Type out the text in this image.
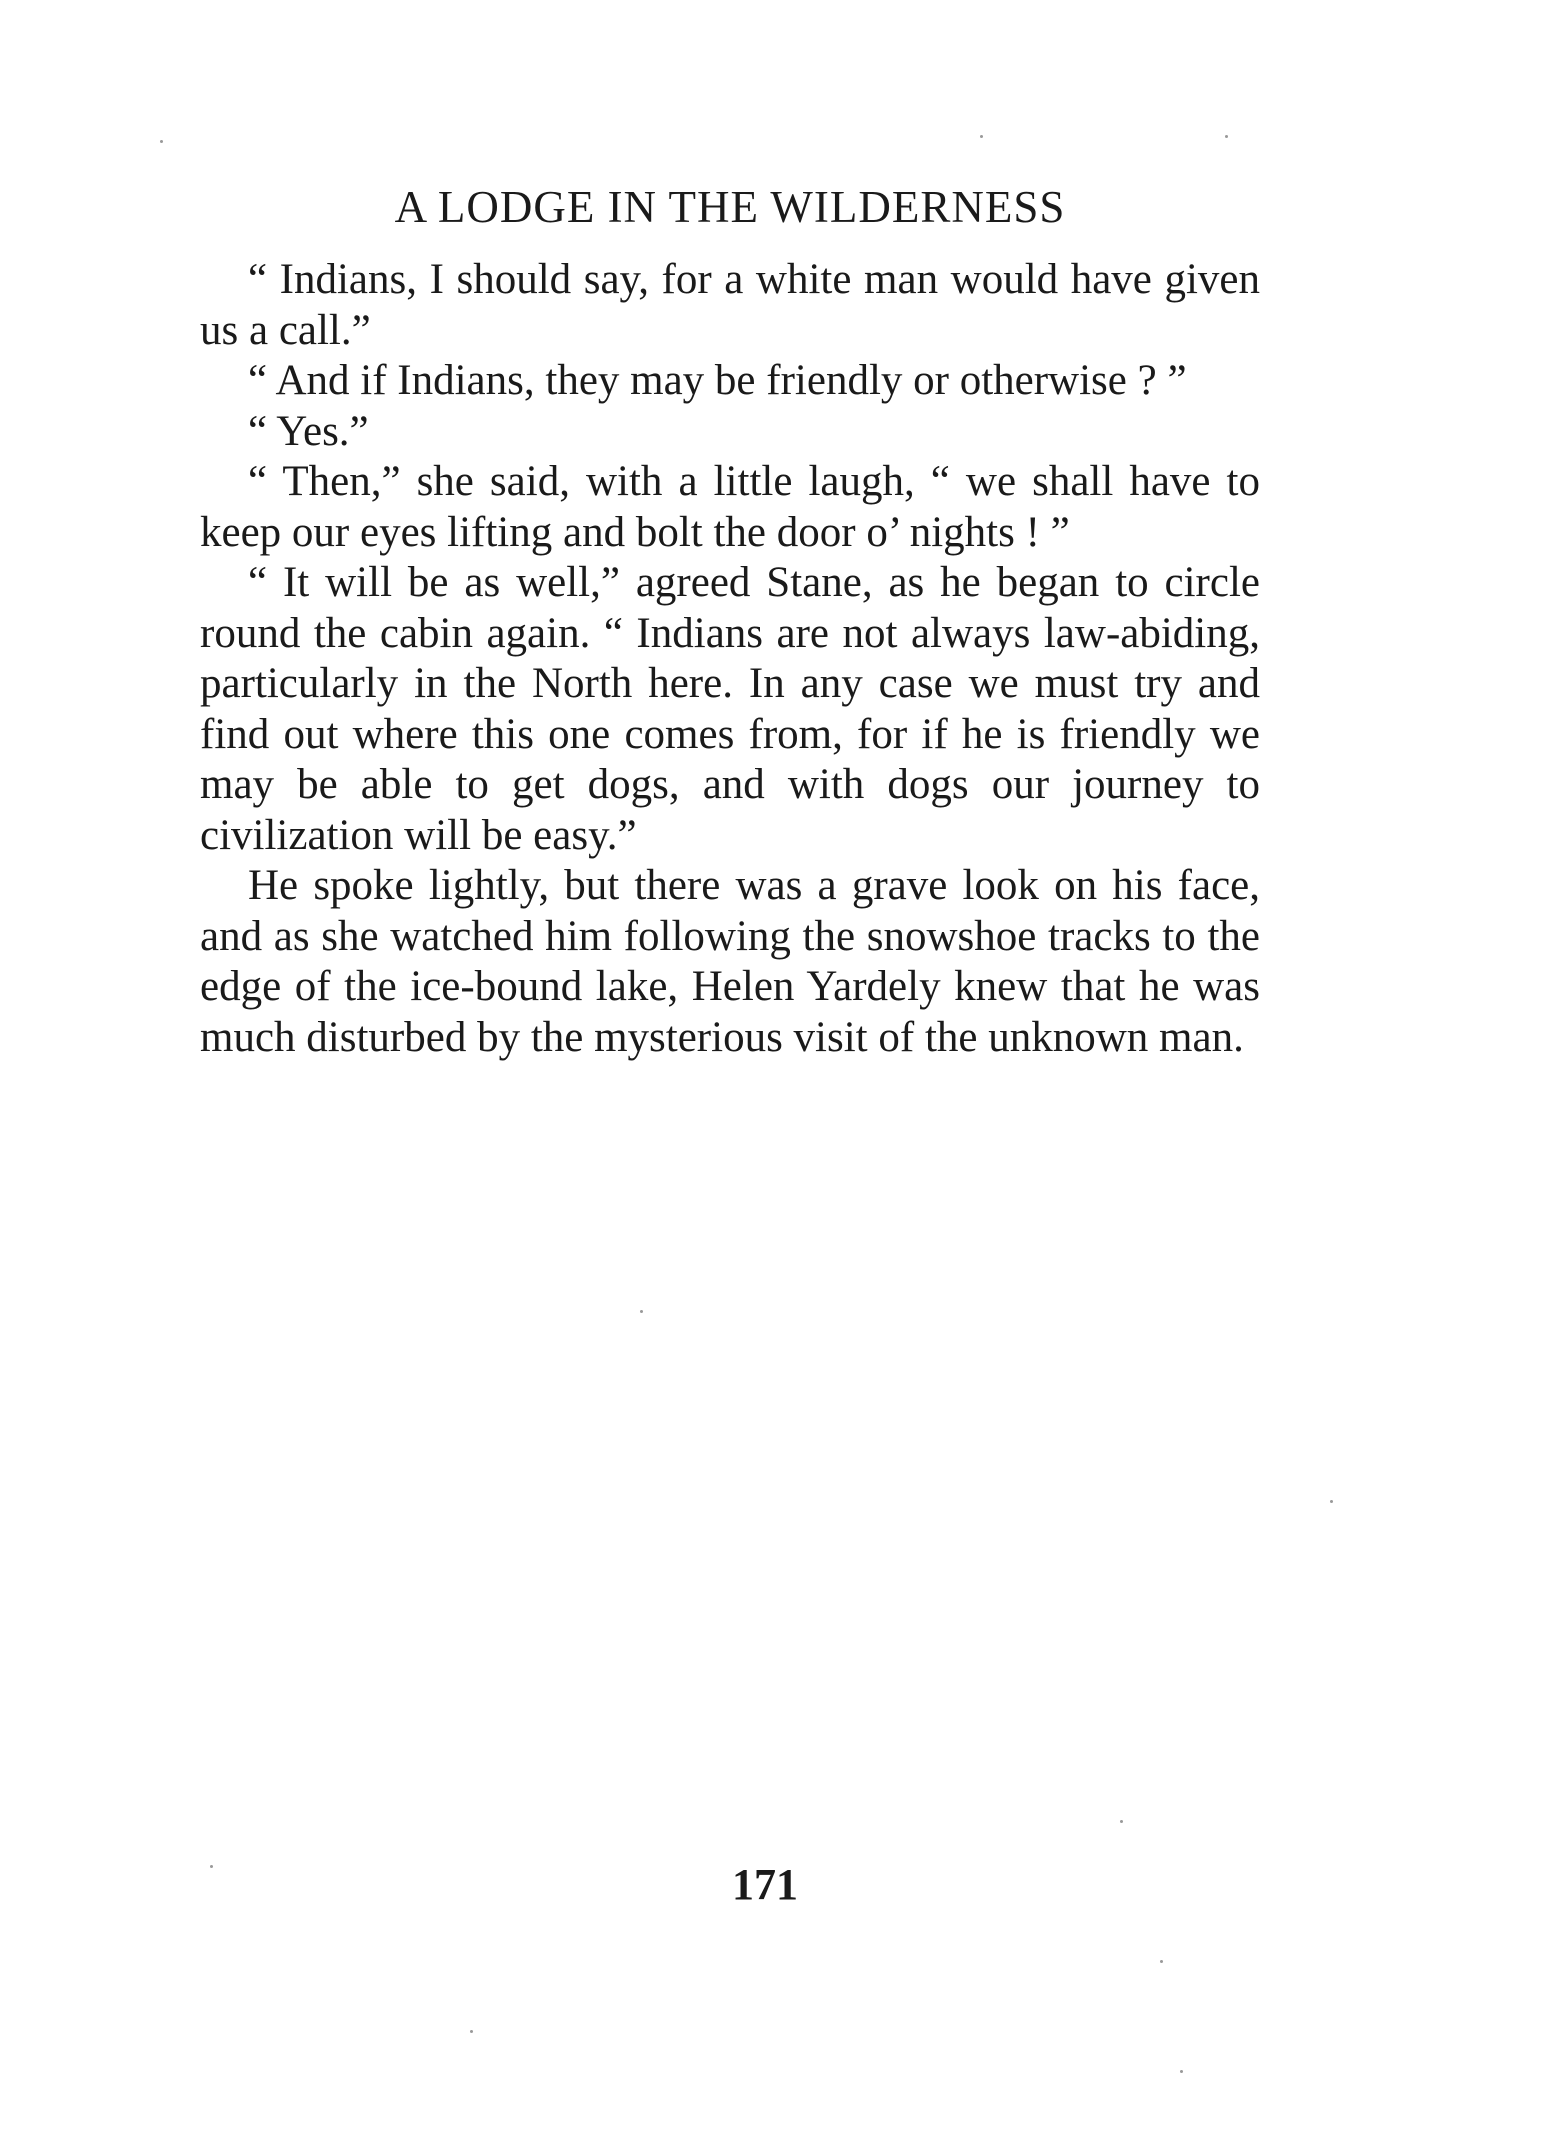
A LODGE IN THE WILDERNESS

“ Indians, I should say, for a white man would have given us a call.”

“ And if Indians, they may be friendly or otherwise ? ”

“ Yes.”

“ Then,” she said, with a little laugh, “ we shall have to keep our eyes lifting and bolt the door o’ nights ! ”

“ It will be as well,” agreed Stane, as he began to circle round the cabin again. “ Indians are not always law-abiding, particularly in the North here. In any case we must try and find out where this one comes from, for if he is friendly we may be able to get dogs, and with dogs our journey to civilization will be easy.”

He spoke lightly, but there was a grave look on his face, and as she watched him following the snowshoe tracks to the edge of the ice-bound lake, Helen Yardely knew that he was much disturbed by the mysterious visit of the unknown man.

171
